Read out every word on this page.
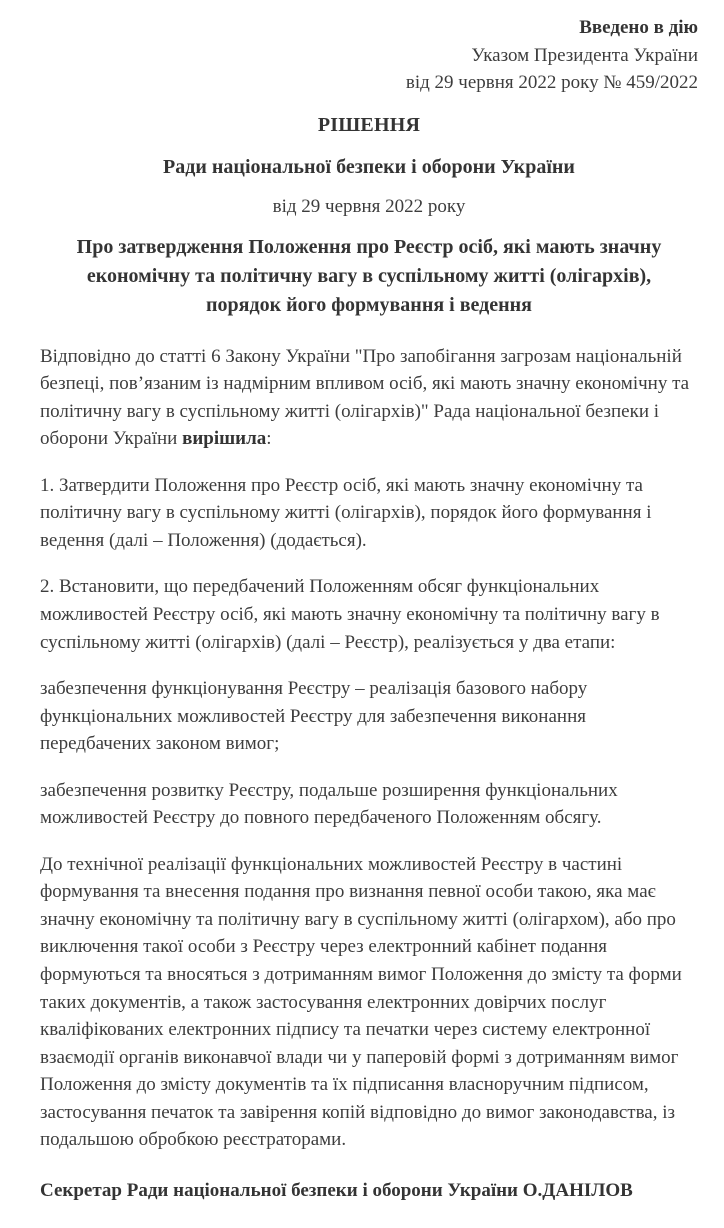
Введено в дію

Указом Президента України

від 29 червня 2022 року № 459/2022

РІШЕННЯ
Ради національної безпеки і оборони України

від 29 червня 2022 року

Про затвердження Положення про Реєстр осіб, які мають значну економічну та політичну вагу в суспільному житті (олігархів), порядок його формування і ведення

Відповідно до статті 6 Закону України "Про запобігання загрозам національній безпеці, пов’язаним із надмірним впливом осіб, які мають значну економічну та політичну вагу в суспільному житті (олігархів)" Рада національної безпеки і оборони України вирішила:

1. Затвердити Положення про Реєстр осіб, які мають значну економічну та політичну вагу в суспільному житті (олігархів), порядок його формування і ведення (далі – Положення) (додається).

2. Встановити, що передбачений Положенням обсяг функціональних можливостей Реєстру осіб, які мають значну економічну та політичну вагу в суспільному житті (олігархів) (далі – Реєстр), реалізується у два етапи:

забезпечення функціонування Реєстру – реалізація базового набору функціональних можливостей Реєстру для забезпечення виконання передбачених законом вимог;

забезпечення розвитку Реєстру, подальше розширення функціональних можливостей Реєстру до повного передбаченого Положенням обсягу.

До технічної реалізації функціональних можливостей Реєстру в частині формування та внесення подання про визнання певної особи такою, яка має значну економічну та політичну вагу в суспільному житті (олігархом), або про виключення такої особи з Реєстру через електронний кабінет подання формуються та вносяться з дотриманням вимог Положення до змісту та форми таких документів, а також застосування електронних довірчих послуг кваліфікованих електронних підпису та печатки через систему електронної взаємодії органів виконавчої влади чи у паперовій формі з дотриманням вимог Положення до змісту документів та їх підписання власноручним підписом, застосування печаток та завірення копій відповідно до вимог законодавства, із подальшою обробкою реєстраторами.

Секретар Ради національної безпеки і оборони України О.ДАНІЛОВ
